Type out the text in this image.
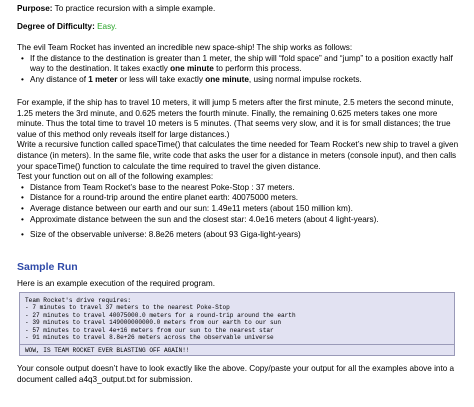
Purpose: To practice recursion with a simple example.

Degree of Difficulty: Easy.

The evil Team Rocket has invented an incredible new space-ship! The ship works as follows:

• If the distance to the destination is greater than 1 meter, the ship will “fold space” and “jump” to a position exactly half way to the destination. It takes exactly one minute to perform this process.
• Any distance of 1 meter or less will take exactly one minute, using normal impulse rockets.

For example, if the ship has to travel 10 meters, it will jump 5 meters after the first minute, 2.5 meters the second minute, 1.25 meters the 3rd minute, and 0.625 meters the fourth minute. Finally, the remaining 0.625 meters takes one more minute. Thus the total time to travel 10 meters is 5 minutes. (That seems very slow, and it is for small distances; the true value of this method only reveals itself for large distances.)

Write a recursive function called spaceTime() that calculates the time needed for Team Rocket’s new ship to travel a given distance (in meters). In the same file, write code that asks the user for a distance in meters (console input), and then calls your spaceTime() function to calculate the time required to travel the given distance.

Test your function out on all of the following examples:

• Distance from Team Rocket’s base to the nearest Poke-Stop : 37 meters.
• Distance for a round-trip around the entire planet earth: 40075000 meters.
• Average distance between our earth and our sun: 1.49e11 meters (about 150 million km).
• Approximate distance between the sun and the closest star: 4.0e16 meters (about 4 light-years).
• Size of the observable universe: 8.8e26 meters (about 93 Giga-light-years)
Sample Run

Here is an example execution of the required program.

Team Rocket's drive requires:
- 7 minutes to travel 37 meters to the nearest Poke-Stop
- 27 minutes to travel 40075000.0 meters for a round-trip around the earth
- 39 minutes to travel 149000000000.0 meters from our earth to our sun
- 57 minutes to travel 4e+16 meters from our sun to the nearest star
- 91 minutes to travel 8.8e+26 meters across the observable universe
WOW, IS TEAM ROCKET EVER BLASTING OFF AGAIN!!

Your console output doesn’t have to look exactly like the above. Copy/paste your output for all the examples above into a document called a4q3_output.txt for submission.
